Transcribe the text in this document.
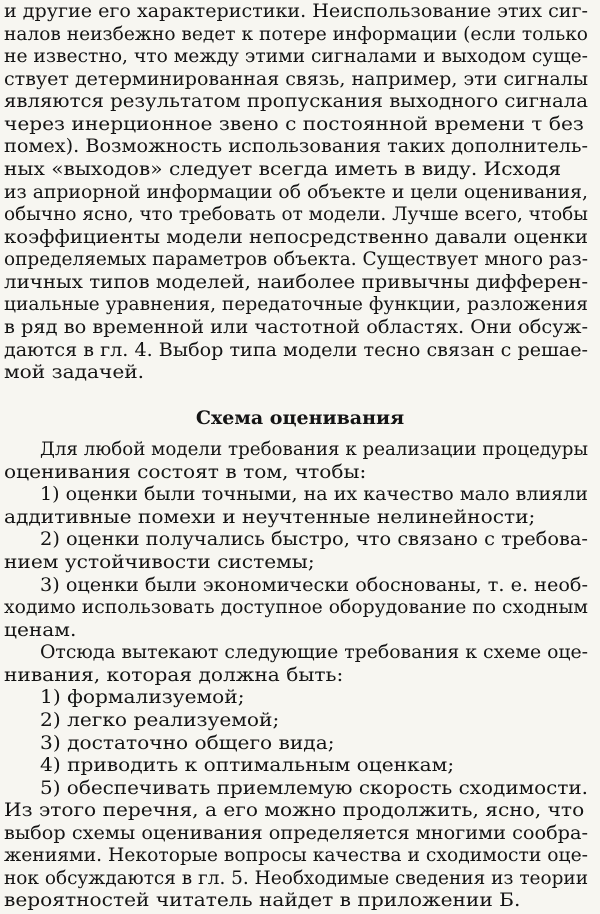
и другие его характеристики. Неиспользование этих сиг-
налов неизбежно ведет к потере информации (если только
не известно, что между этими сигналами и выходом суще-
ствует детерминированная связь, например, эти сигналы
являются результатом пропускания выходного сигнала
через инерционное звено с постоянной времени τ без
помех). Возможность использования таких дополнитель-
ных «выходов» следует всегда иметь в виду. Исходя
из априорной информации об объекте и цели оценивания,
обычно ясно, что требовать от модели. Лучше всего, чтобы
коэффициенты модели непосредственно давали оценки
определяемых параметров объекта. Существует много раз-
личных типов моделей, наиболее привычны дифферен-
циальные уравнения, передаточные функции, разложения
в ряд во временной или частотной областях. Они обсуж-
даются в гл. 4. Выбор типа модели тесно связан с решае-
мой задачей.
Схема оценивания
Для любой модели требования к реализации процедуры
оценивания состоят в том, чтобы:
1) оценки были точными, на их качество мало влияли
аддитивные помехи и неучтенные нелинейности;
2) оценки получались быстро, что связано с требова-
нием устойчивости системы;
3) оценки были экономически обоснованы, т. е. необ-
ходимо использовать доступное оборудование по сходным
ценам.
Отсюда вытекают следующие требования к схеме оце-
нивания, которая должна быть:
1) формализуемой;
2) легко реализуемой;
3) достаточно общего вида;
4) приводить к оптимальным оценкам;
5) обеспечивать приемлемую скорость сходимости.
Из этого перечня, а его можно продолжить, ясно, что
выбор схемы оценивания определяется многими сообра-
жениями. Некоторые вопросы качества и сходимости оце-
нок обсуждаются в гл. 5. Необходимые сведения из теории
вероятностей читатель найдет в приложении Б.
